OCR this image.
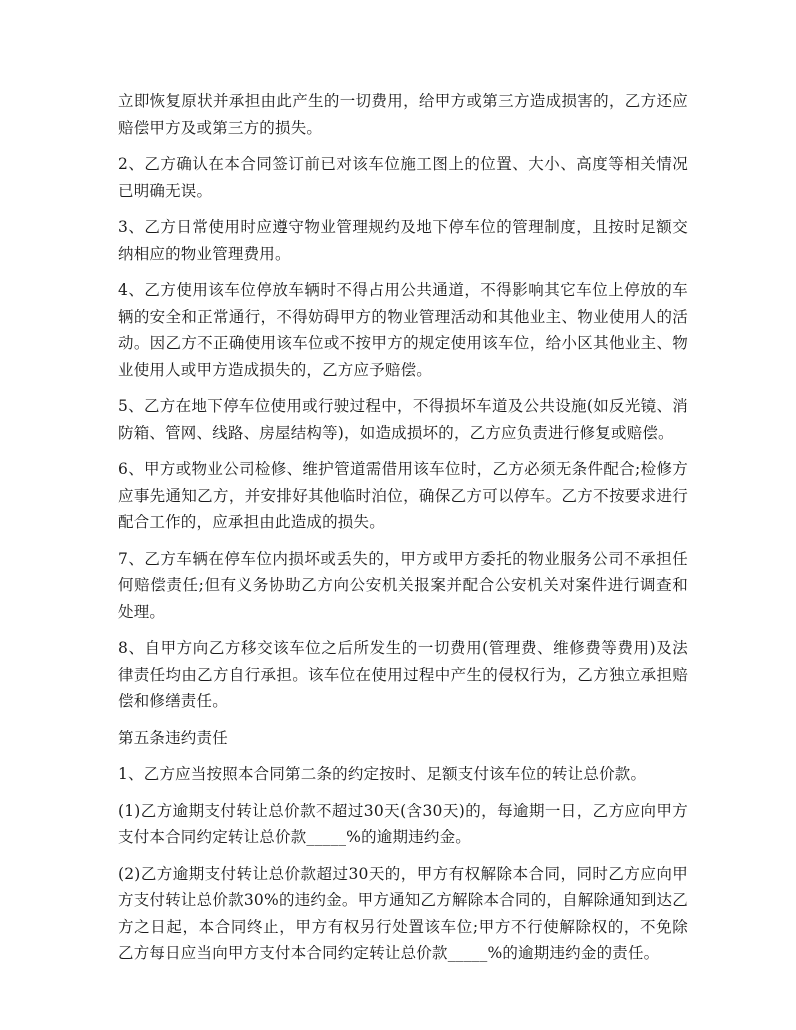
立即恢复原状并承担由此产生的一切费用，给甲方或第三方造成损害的，乙方还应赔偿甲方及或第三方的损失。

2、乙方确认在本合同签订前已对该车位施工图上的位置、大小、高度等相关情况已明确无误。

3、乙方日常使用时应遵守物业管理规约及地下停车位的管理制度，且按时足额交纳相应的物业管理费用。

4、乙方使用该车位停放车辆时不得占用公共通道，不得影响其它车位上停放的车辆的安全和正常通行，不得妨碍甲方的物业管理活动和其他业主、物业使用人的活动。因乙方不正确使用该车位或不按甲方的规定使用该车位，给小区其他业主、物业使用人或甲方造成损失的，乙方应予赔偿。

5、乙方在地下停车位使用或行驶过程中，不得损坏车道及公共设施(如反光镜、消防箱、管网、线路、房屋结构等)，如造成损坏的，乙方应负责进行修复或赔偿。

6、甲方或物业公司检修、维护管道需借用该车位时，乙方必须无条件配合;检修方应事先通知乙方，并安排好其他临时泊位，确保乙方可以停车。乙方不按要求进行配合工作的，应承担由此造成的损失。

7、乙方车辆在停车位内损坏或丢失的，甲方或甲方委托的物业服务公司不承担任何赔偿责任;但有义务协助乙方向公安机关报案并配合公安机关对案件进行调查和处理。

8、自甲方向乙方移交该车位之后所发生的一切费用(管理费、维修费等费用)及法律责任均由乙方自行承担。该车位在使用过程中产生的侵权行为，乙方独立承担赔偿和修缮责任。

第五条违约责任

1、乙方应当按照本合同第二条的约定按时、足额支付该车位的转让总价款。

(1)乙方逾期支付转让总价款不超过30天(含30天)的，每逾期一日，乙方应向甲方支付本合同约定转让总价款_____%的逾期违约金。

(2)乙方逾期支付转让总价款超过30天的，甲方有权解除本合同，同时乙方应向甲方支付转让总价款30%的违约金。甲方通知乙方解除本合同的，自解除通知到达乙方之日起，本合同终止，甲方有权另行处置该车位;甲方不行使解除权的，不免除乙方每日应当向甲方支付本合同约定转让总价款_____%的逾期违约金的责任。
